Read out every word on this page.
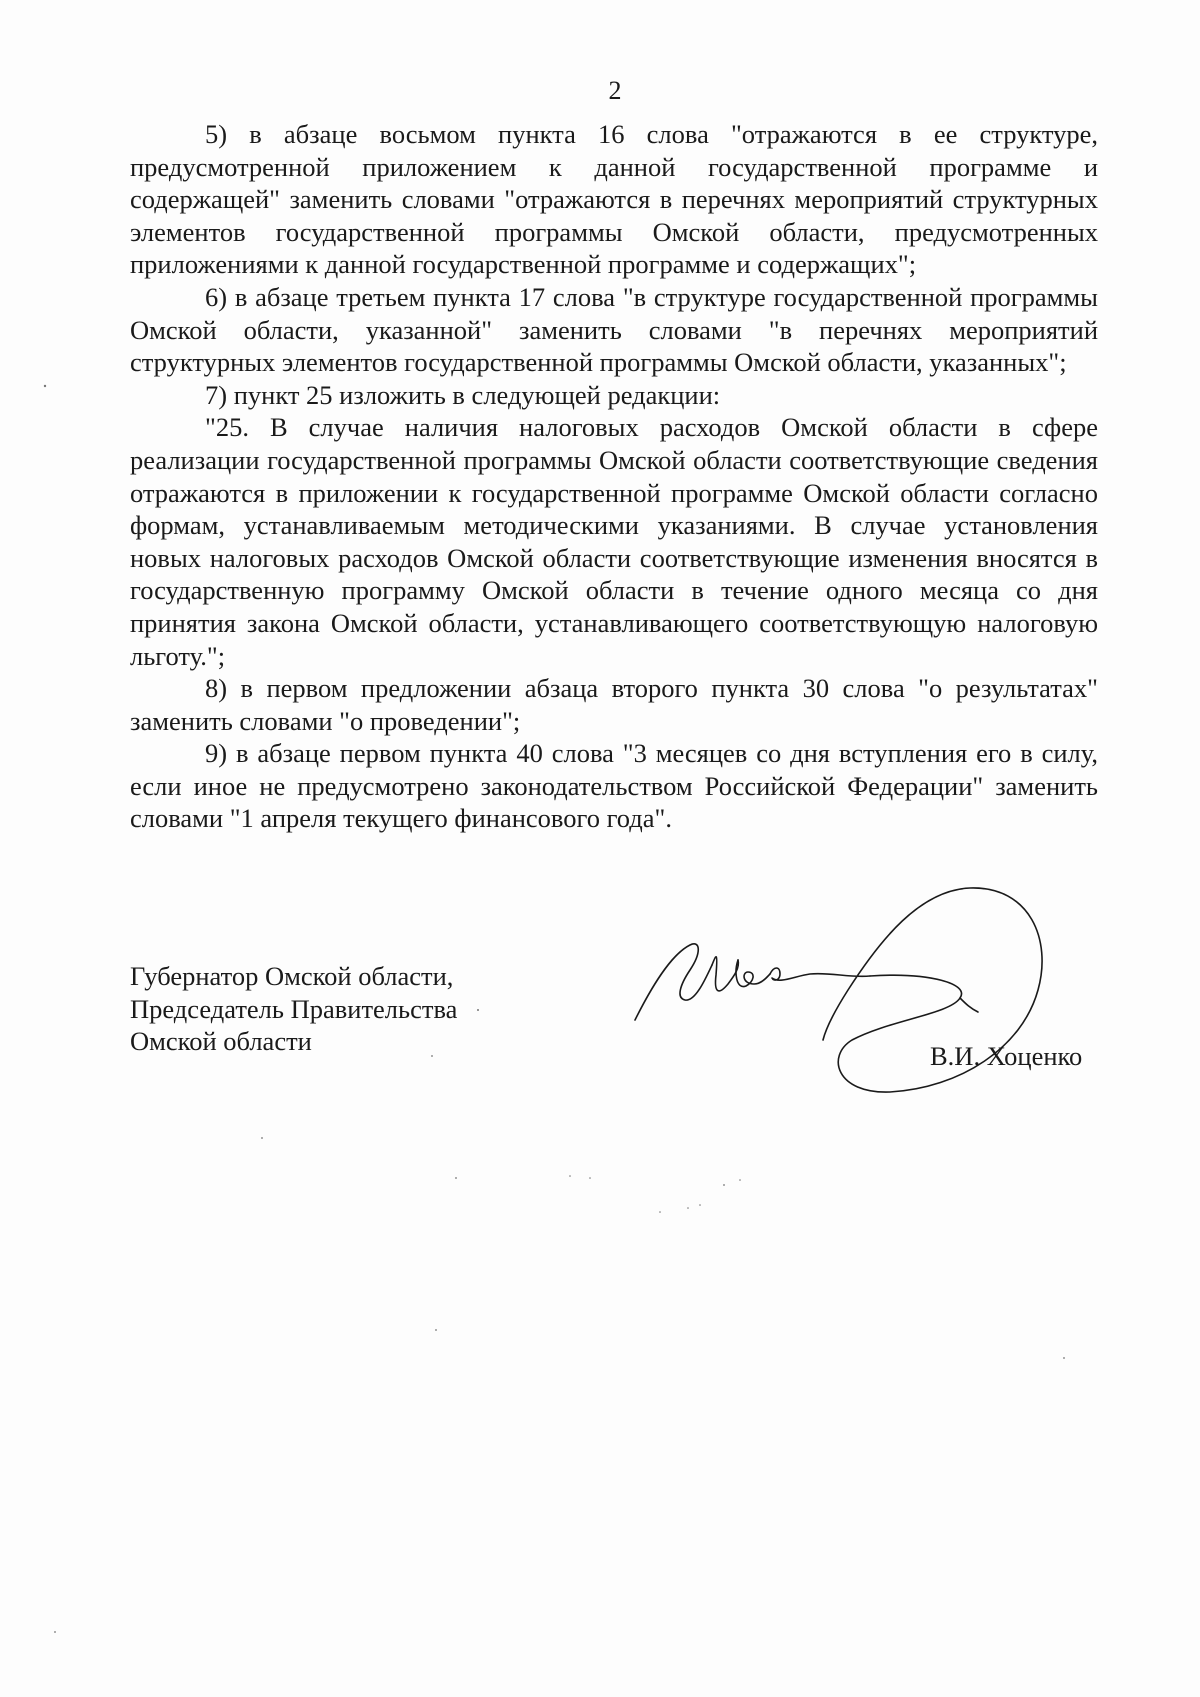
2

5) в абзаце восьмом пункта 16 слова "отражаются в ее структуре, предусмотренной приложением к данной государственной программе и содержащей" заменить словами "отражаются в перечнях мероприятий структурных элементов государственной программы Омской области, предусмотренных приложениями к данной государственной программе и содержащих";

6) в абзаце третьем пункта 17 слова "в структуре государственной программы Омской области, указанной" заменить словами "в перечнях мероприятий структурных элементов государственной программы Омской области, указанных";

7) пункт 25 изложить в следующей редакции:

"25. В случае наличия налоговых расходов Омской области в сфере реализации государственной программы Омской области соответствующие сведения отражаются в приложении к государственной программе Омской области согласно формам, устанавливаемым методическими указаниями. В случае установления новых налоговых расходов Омской области соответствующие изменения вносятся в государственную программу Омской области в течение одного месяца со дня принятия закона Омской области, устанавливающего соответствующую налоговую льготу.";

8) в первом предложении абзаца второго пункта 30 слова "о результатах" заменить словами "о проведении";

9) в абзаце первом пункта 40 слова "3 месяцев со дня вступления его в силу, если иное не предусмотрено законодательством Российской Федерации" заменить словами "1 апреля текущего финансового года".

Губернатор Омской области,
Председатель Правительства
Омской области	В.И. Хоценко
